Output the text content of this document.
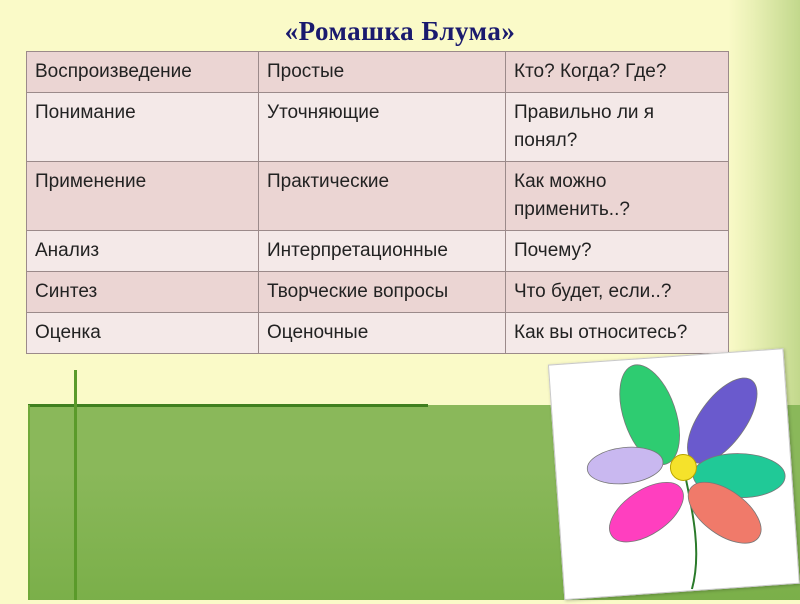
«Ромашка Блума»
Воспроизведение	Простые	Кто? Когда? Где?
Понимание	Уточняющие	Правильно ли я понял?
Применение	Практические	Как можно применить..?
Анализ	Интерпретационные	Почему?
Синтез	Творческие вопросы	Что будет, если..?
Оценка	Оценочные	Как вы относитесь?
